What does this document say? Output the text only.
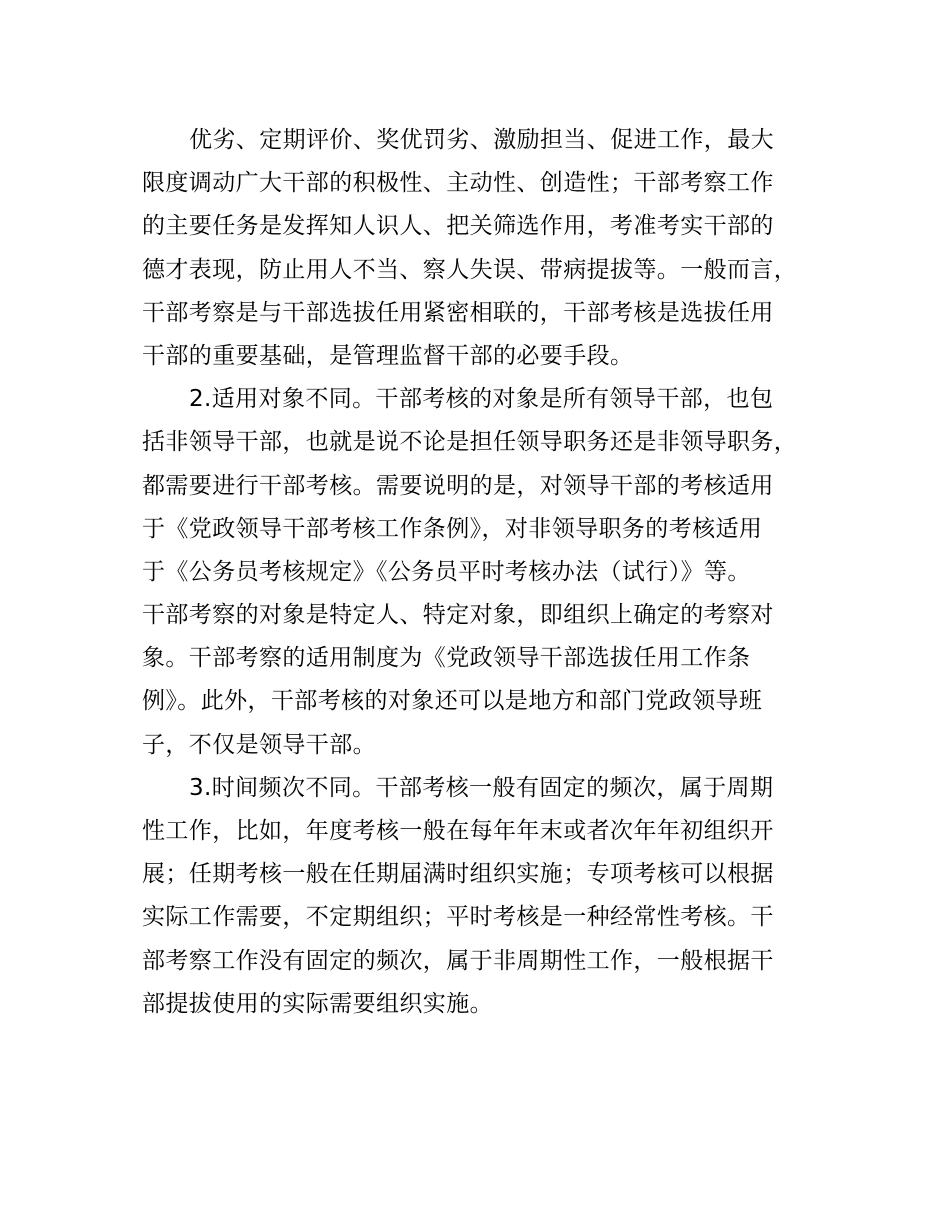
优劣、定期评价、奖优罚劣、激励担当、促进工作，最大
限度调动广大干部的积极性、主动性、创造性；干部考察工作
的主要任务是发挥知人识人、把关筛选作用，考准考实干部的
德才表现，防止用人不当、察人失误、带病提拔等。一般而言，
干部考察是与干部选拔任用紧密相联的，干部考核是选拔任用
干部的重要基础，是管理监督干部的必要手段。
2.适用对象不同。干部考核的对象是所有领导干部，也包
括非领导干部，也就是说不论是担任领导职务还是非领导职务，
都需要进行干部考核。需要说明的是，对领导干部的考核适用
于《党政领导干部考核工作条例》，对非领导职务的考核适用
于《公务员考核规定》《公务员平时考核办法（试行）》等。
干部考察的对象是特定人、特定对象，即组织上确定的考察对
象。干部考察的适用制度为《党政领导干部选拔任用工作条
例》。此外，干部考核的对象还可以是地方和部门党政领导班
子，不仅是领导干部。
3.时间频次不同。干部考核一般有固定的频次，属于周期
性工作，比如，年度考核一般在每年年末或者次年年初组织开
展；任期考核一般在任期届满时组织实施；专项考核可以根据
实际工作需要，不定期组织；平时考核是一种经常性考核。干
部考察工作没有固定的频次，属于非周期性工作，一般根据干
部提拔使用的实际需要组织实施。
